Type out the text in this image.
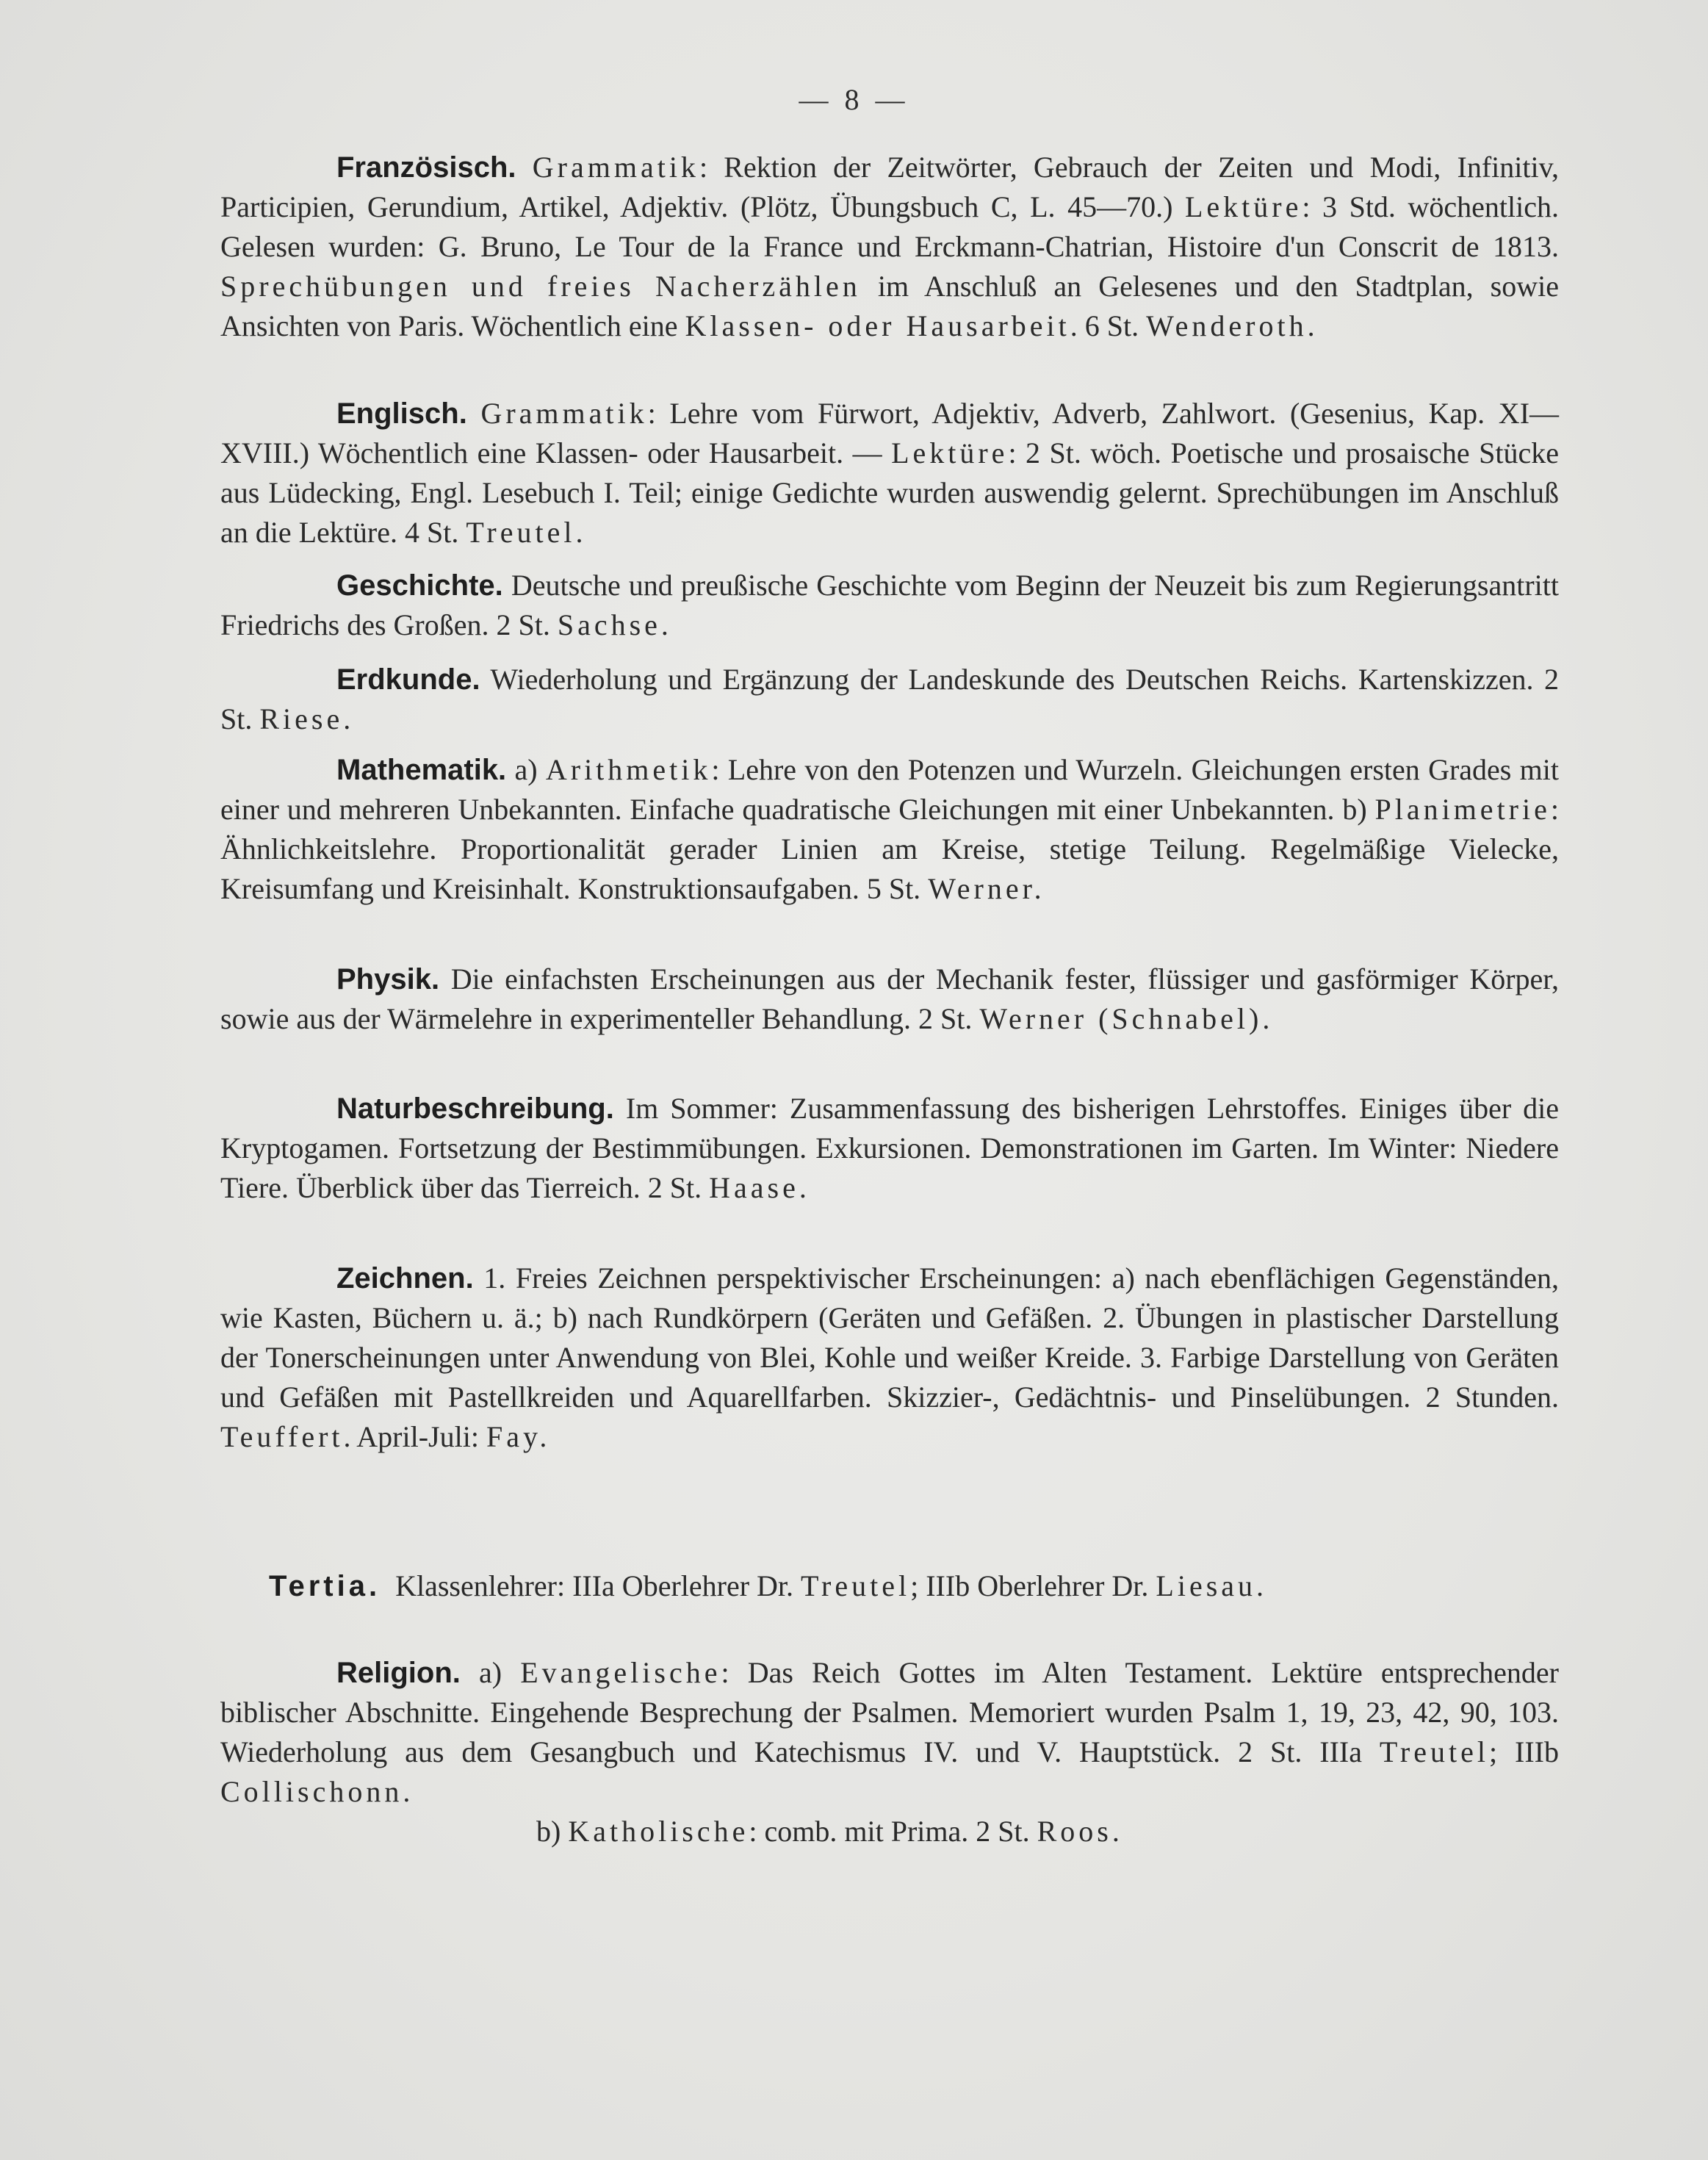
— 8 —

Französisch. Grammatik: Rektion der Zeitwörter, Gebrauch der Zeiten und Modi, Infinitiv, Participien, Gerundium, Artikel, Adjektiv. (Plötz, Übungsbuch C, L. 45—70.) Lektüre: 3 Std. wöchentlich. Gelesen wurden: G. Bruno, Le Tour de la France und Erckmann-Chatrian, Histoire d'un Conscrit de 1813. Sprechübungen und freies Nacherzählen im Anschluß an Gelesenes und den Stadtplan, sowie Ansichten von Paris. Wöchentlich eine Klassen- oder Hausarbeit. 6 St. Wenderoth.

Englisch. Grammatik: Lehre vom Fürwort, Adjektiv, Adverb, Zahlwort. (Gesenius, Kap. XI—XVIII.) Wöchentlich eine Klassen- oder Hausarbeit. — Lektüre: 2 St. wöch. Poetische und prosaische Stücke aus Lüdecking, Engl. Lesebuch I. Teil; einige Gedichte wurden auswendig gelernt. Sprechübungen im Anschluß an die Lektüre. 4 St. Treutel.

Geschichte. Deutsche und preußische Geschichte vom Beginn der Neuzeit bis zum Regierungsantritt Friedrichs des Großen. 2 St. Sachse.

Erdkunde. Wiederholung und Ergänzung der Landeskunde des Deutschen Reichs. Kartenskizzen. 2 St. Riese.

Mathematik. a) Arithmetik: Lehre von den Potenzen und Wurzeln. Gleichungen ersten Grades mit einer und mehreren Unbekannten. Einfache quadratische Gleichungen mit einer Unbekannten. b) Planimetrie: Ähnlichkeitslehre. Proportionalität gerader Linien am Kreise, stetige Teilung. Regelmäßige Vielecke, Kreisumfang und Kreisinhalt. Konstruktionsaufgaben. 5 St. Werner.

Physik. Die einfachsten Erscheinungen aus der Mechanik fester, flüssiger und gasförmiger Körper, sowie aus der Wärmelehre in experimenteller Behandlung. 2 St. Werner (Schnabel).

Naturbeschreibung. Im Sommer: Zusammenfassung des bisherigen Lehrstoffes. Einiges über die Kryptogamen. Fortsetzung der Bestimmübungen. Exkursionen. Demonstrationen im Garten. Im Winter: Niedere Tiere. Überblick über das Tierreich. 2 St. Haase.

Zeichnen. 1. Freies Zeichnen perspektivischer Erscheinungen: a) nach ebenflächigen Gegenständen, wie Kasten, Büchern u. ä.; b) nach Rundkörpern (Geräten und Gefäßen. 2. Übungen in plastischer Darstellung der Tonerscheinungen unter Anwendung von Blei, Kohle und weißer Kreide. 3. Farbige Darstellung von Geräten und Gefäßen mit Pastellkreiden und Aquarellfarben. Skizzier-, Gedächtnis- und Pinselübungen. 2 Stunden. Teuffert. April-Juli: Fay.

Tertia. Klassenlehrer: IIIa Oberlehrer Dr. Treutel; IIIb Oberlehrer Dr. Liesau.

Religion. a) Evangelische: Das Reich Gottes im Alten Testament. Lektüre entsprechender biblischer Abschnitte. Eingehende Besprechung der Psalmen. Memoriert wurden Psalm 1, 19, 23, 42, 90, 103. Wiederholung aus dem Gesangbuch und Katechismus IV. und V. Hauptstück. 2 St. IIIa Treutel; IIIb Collischonn.

b) Katholische: comb. mit Prima. 2 St. Roos.
